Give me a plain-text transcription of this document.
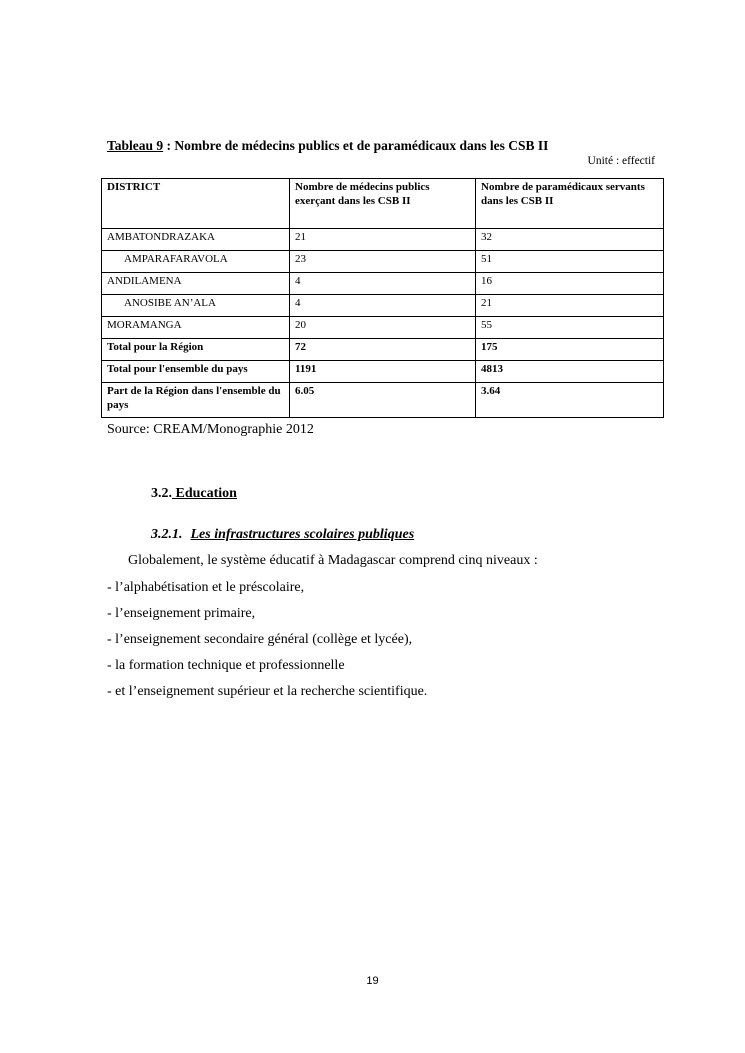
Tableau 9 : Nombre de médecins publics et de paramédicaux dans les CSB II
Unité : effectif
DISTRICT	Nombre de médecins publics exerçant dans les CSB II	Nombre de paramédicaux servants dans les CSB II
AMBATONDRAZAKA	21	32
AMPARAFARAVOLA	23	51
ANDILAMENA	4	16
ANOSIBE AN’ALA	4	21
MORAMANGA	20	55
Total pour la Région	72	175
Total pour l'ensemble du pays	1191	4813
Part de la Région dans l'ensemble du pays	6.05	3.64
Source: CREAM/Monographie 2012
3.2. Education
3.2.1. Les infrastructures scolaires publiques
Globalement, le système éducatif à Madagascar comprend cinq niveaux :
- l’alphabétisation et le préscolaire,
- l’enseignement primaire,
- l’enseignement secondaire général (collège et lycée),
- la formation technique et professionnelle
- et l’enseignement supérieur et la recherche scientifique.
19
